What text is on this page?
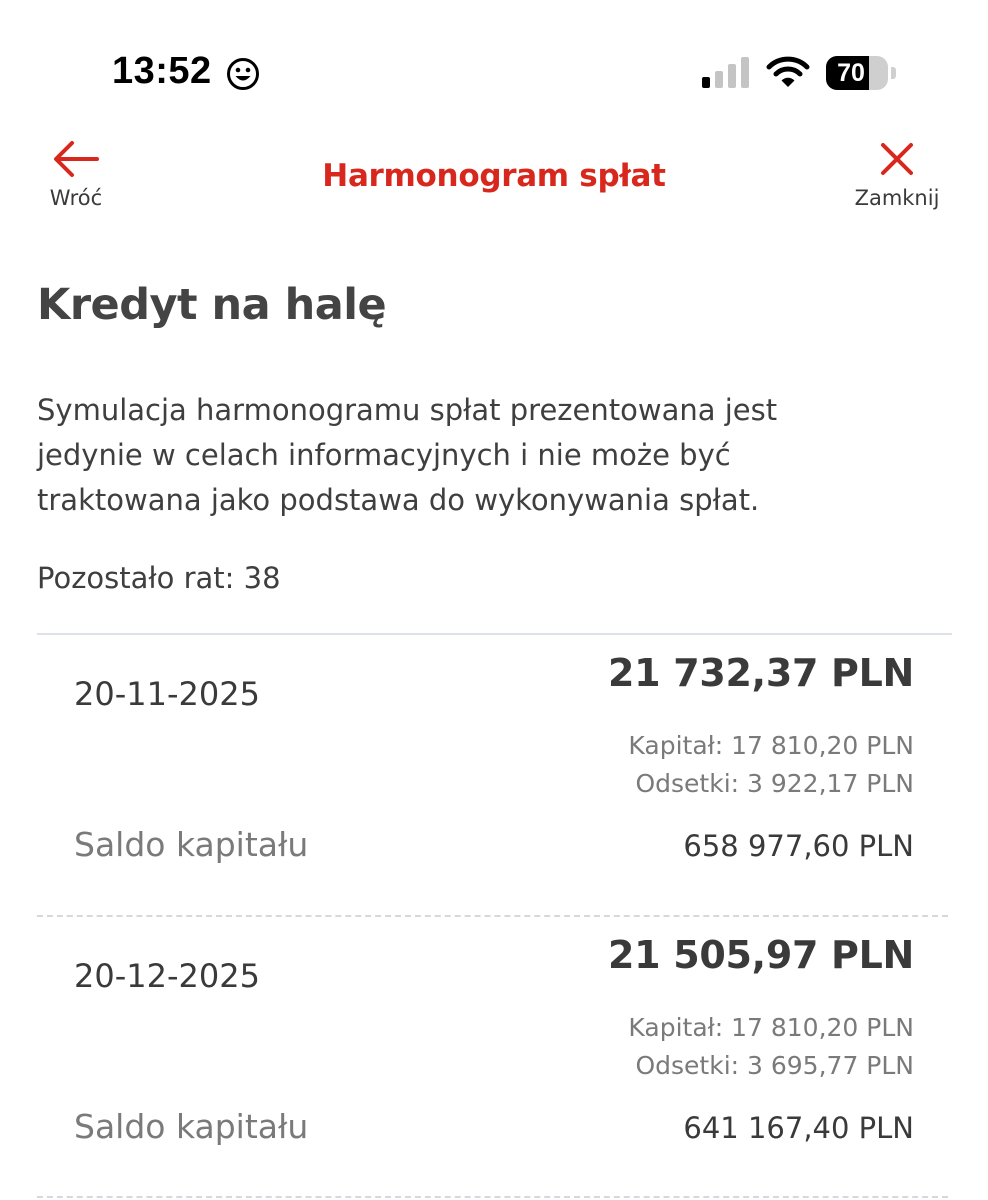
13:52	70
Wróć
Harmonogram spłat
Zamknij
Kredyt na halę

Symulacja harmonogramu spłat prezentowana jest
jedynie w celach informacyjnych i nie może być
traktowana jako podstawa do wykonywania spłat.

Pozostało rat: 38
20-11-2025	21 732,37 PLN
Kapitał: 17 810,20 PLN
Odsetki: 3 922,17 PLN
Saldo kapitału	658 977,60 PLN
20-12-2025	21 505,97 PLN
Kapitał: 17 810,20 PLN
Odsetki: 3 695,77 PLN
Saldo kapitału	641 167,40 PLN
